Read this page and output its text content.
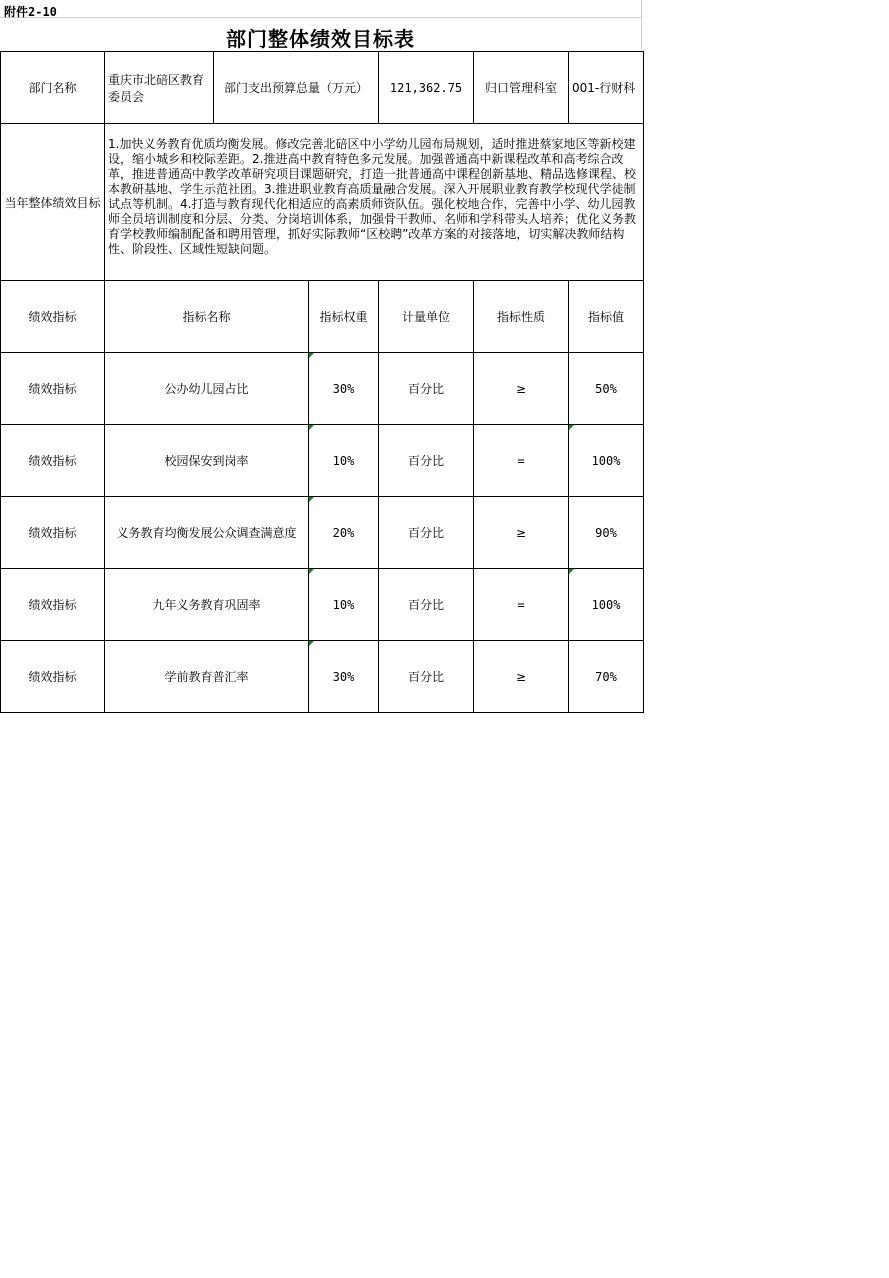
附件2-10
部门整体绩效目标表
部门名称	重庆市北碚区教育委员会	部门支出预算总量（万元）		121,362.75	归口管理科室	001-行财科
当年整体绩效目标	1.加快义务教育优质均衡发展。修改完善北碚区中小学幼儿园布局规划，适时推进蔡家地区等新校建设，缩小城乡和校际差距。2.推进高中教育特色多元发展。加强普通高中新课程改革和高考综合改革，推进普通高中教学改革研究项目课题研究，打造一批普通高中课程创新基地、精品选修课程、校本教研基地、学生示范社团。3.推进职业教育高质量融合发展。深入开展职业教育教学校现代学徒制试点等机制。4.打造与教育现代化相适应的高素质师资队伍。强化校地合作，完善中小学、幼儿园教师全员培训制度和分层、分类、分岗培训体系，加强骨干教师、名师和学科带头人培养；优化义务教育学校教师编制配备和聘用管理，抓好实际教师“区校聘”改革方案的对接落地，切实解决教师结构性、阶段性、区域性短缺问题。					
绩效指标	指标名称		指标权重	计量单位	指标性质	指标值
绩效指标	公办幼儿园占比		30%	百分比	≥	50%
绩效指标	校园保安到岗率		10%	百分比	=	100%
绩效指标	义务教育均衡发展公众调查满意度		20%	百分比	≥	90%
绩效指标	九年义务教育巩固率		10%	百分比	=	100%
绩效指标	学前教育普汇率		30%	百分比	≥	70%
